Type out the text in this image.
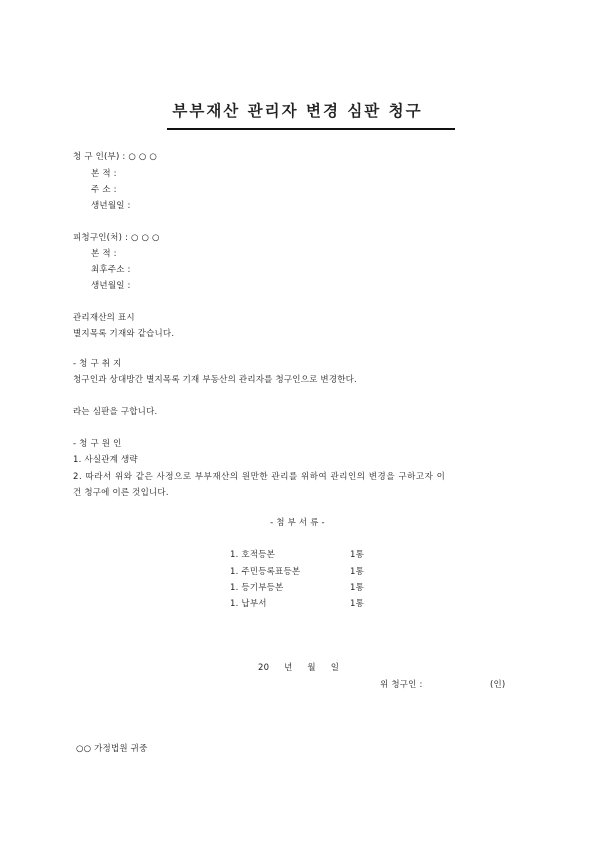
부부재산 관리자 변경 심판 청구
청 구 인(부) : ○ ○ ○
본 적 :
주 소 :
생년월일 :
피청구인(처) : ○ ○ ○
본 적 :
최후주소 :
생년월일 :
관리재산의 표시
별지목록 기재와 같습니다.
- 청 구 취 지
청구인과 상대방간 별지목록 기재 부동산의 관리자를 청구인으로 변경한다.
라는 심판을 구합니다.
- 청 구 원 인
1. 사실관계 생략
2. 따라서 위와 같은 사정으로 부부재산의 원만한 관리를 위하여 관리인의 변경을 구하고자 이
건 청구에 이른 것입니다.
- 첨 부 서 류 -
1. 호적등본	1통
1. 주민등록표등본	1통
1. 등기부등본	1통
1. 납부서	1통
20 년 월 일
위 청구인 :	(인)
○○ 가정법원 귀중
